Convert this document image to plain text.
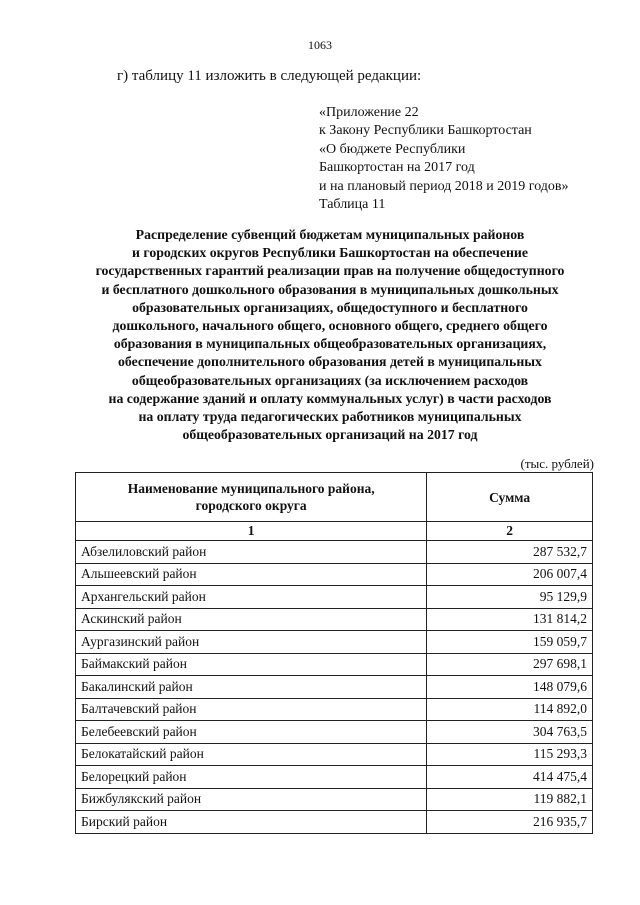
1063
г) таблицу 11 изложить в следующей редакции:
«Приложение 22
к Закону Республики Башкортостан
«О бюджете Республики
Башкортостан на 2017 год
и на плановый период 2018 и 2019 годов»
Таблица 11
Распределение субвенций бюджетам муниципальных районов
и городских округов Республики Башкортостан на обеспечение
государственных гарантий реализации прав на получение общедоступного
и бесплатного дошкольного образования в муниципальных дошкольных
образовательных организациях, общедоступного и бесплатного
дошкольного, начального общего, основного общего, среднего общего
образования в муниципальных общеобразовательных организациях,
обеспечение дополнительного образования детей в муниципальных
общеобразовательных организациях (за исключением расходов
на содержание зданий и оплату коммунальных услуг) в части расходов
на оплату труда педагогических работников муниципальных
общеобразовательных организаций на 2017 год
(тыс. рублей)
Наименование муниципального района,
городского округа	Сумма
1	2
Абзелиловский район	287 532,7
Альшеевский район	206 007,4
Архангельский район	95 129,9
Аскинский район	131 814,2
Аургазинский район	159 059,7
Баймакский район	297 698,1
Бакалинский район	148 079,6
Балтачевский район	114 892,0
Белебеевский район	304 763,5
Белокатайский район	115 293,3
Белорецкий район	414 475,4
Бижбулякский район	119 882,1
Бирский район	216 935,7
